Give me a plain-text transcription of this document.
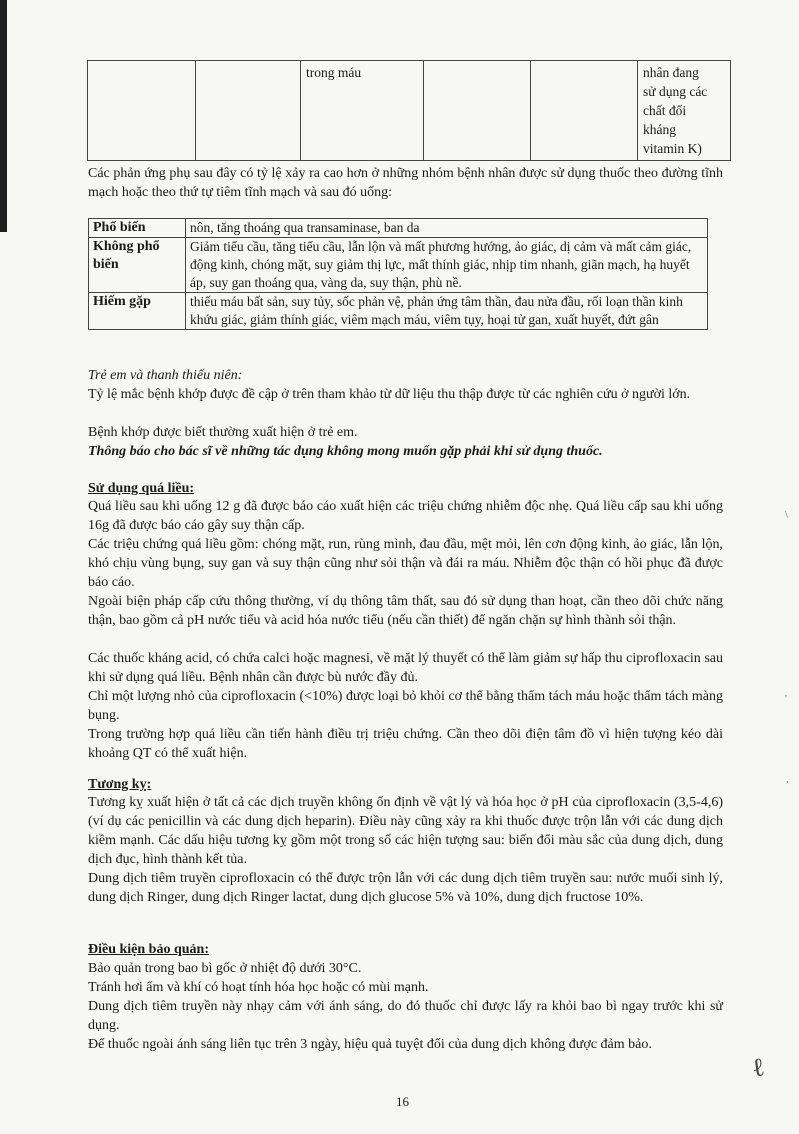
		trong máu			nhân đang
sử dụng các
chất đối
kháng
vitamin K)

Các phản ứng phụ sau đây có tỷ lệ xảy ra cao hơn ở những nhóm bệnh nhân được sử dụng thuốc theo đường tĩnh mạch hoặc theo thứ tự tiêm tĩnh mạch và sau đó uống:

Phổ biến	nôn, tăng thoáng qua transaminase, ban da
Không phổ biến	Giảm tiểu cầu, tăng tiểu cầu, lẫn lộn và mất phương hướng, ảo giác, dị cảm và mất cảm giác, động kinh, chóng mặt, suy giảm thị lực, mất thính giác, nhịp tim nhanh, giãn mạch, hạ huyết áp, suy gan thoáng qua, vàng da, suy thận, phù nề.
Hiếm gặp	thiếu máu bất sản, suy tủy, sốc phản vệ, phản ứng tâm thần, đau nửa đầu, rối loạn thần kinh khứu giác, giảm thính giác, viêm mạch máu, viêm tụy, hoại tử gan, xuất huyết, đứt gân

Trẻ em và thanh thiếu niên:

Tỷ lệ mắc bệnh khớp được đề cập ở trên tham khảo từ dữ liệu thu thập được từ các nghiên cứu ở người lớn.

Bệnh khớp được biết thường xuất hiện ở trẻ em.

Thông báo cho bác sĩ về những tác dụng không mong muốn gặp phải khi sử dụng thuốc.

Sử dụng quá liều:

Quá liều sau khi uống 12 g đã được báo cáo xuất hiện các triệu chứng nhiễm độc nhẹ. Quá liều cấp sau khi uống 16g đã được báo cáo gây suy thận cấp.

Các triệu chứng quá liều gồm: chóng mặt, run, rùng mình, đau đầu, mệt mỏi, lên cơn động kinh, ảo giác, lẫn lộn, khó chịu vùng bụng, suy gan và suy thận cũng như sỏi thận và đái ra máu. Nhiễm độc thận có hồi phục đã được báo cáo.

Ngoài biện pháp cấp cứu thông thường, ví dụ thông tâm thất, sau đó sử dụng than hoạt, cần theo dõi chức năng thận, bao gồm cả pH nước tiểu và acid hóa nước tiểu (nếu cần thiết) để ngăn chặn sự hình thành sỏi thận.

Các thuốc kháng acid, có chứa calci hoặc magnesi, về mặt lý thuyết có thể làm giảm sự hấp thu ciprofloxacin sau khi sử dụng quá liều. Bệnh nhân cần được bù nước đầy đủ.

Chỉ một lượng nhỏ của ciprofloxacin (<10%) được loại bỏ khỏi cơ thể bằng thẩm tách máu hoặc thẩm tách màng bụng.

Trong trường hợp quá liều cần tiến hành điều trị triệu chứng. Cần theo dõi điện tâm đồ vì hiện tượng kéo dài khoảng QT có thể xuất hiện.

Tương kỵ:

Tương kỵ xuất hiện ở tất cả các dịch truyền không ổn định về vật lý và hóa học ở pH của ciprofloxacin (3,5-4,6) (ví dụ các penicillin và các dung dịch heparin). Điều này cũng xảy ra khi thuốc được trộn lẫn với các dung dịch kiềm mạnh. Các dấu hiệu tương kỵ gồm một trong số các hiện tượng sau: biến đổi màu sắc của dung dịch, dung dịch đục, hình thành kết tủa.

Dung dịch tiêm truyền ciprofloxacin có thể được trộn lẫn với các dung dịch tiêm truyền sau: nước muối sinh lý, dung dịch Ringer, dung dịch Ringer lactat, dung dịch glucose 5% và 10%, dung dịch fructose 10%.

Điều kiện bảo quản:

Bảo quản trong bao bì gốc ở nhiệt độ dưới 30°C.

Tránh hơi ẩm và khí có hoạt tính hóa học hoặc có mùi mạnh.

Dung dịch tiêm truyền này nhạy cảm với ánh sáng, do đó thuốc chỉ được lấy ra khỏi bao bì ngay trước khi sử dụng.

Để thuốc ngoài ánh sáng liên tục trên 3 ngày, hiệu quả tuyệt đối của dung dịch không được đảm bảo.

16
ℓ
\
'
,
